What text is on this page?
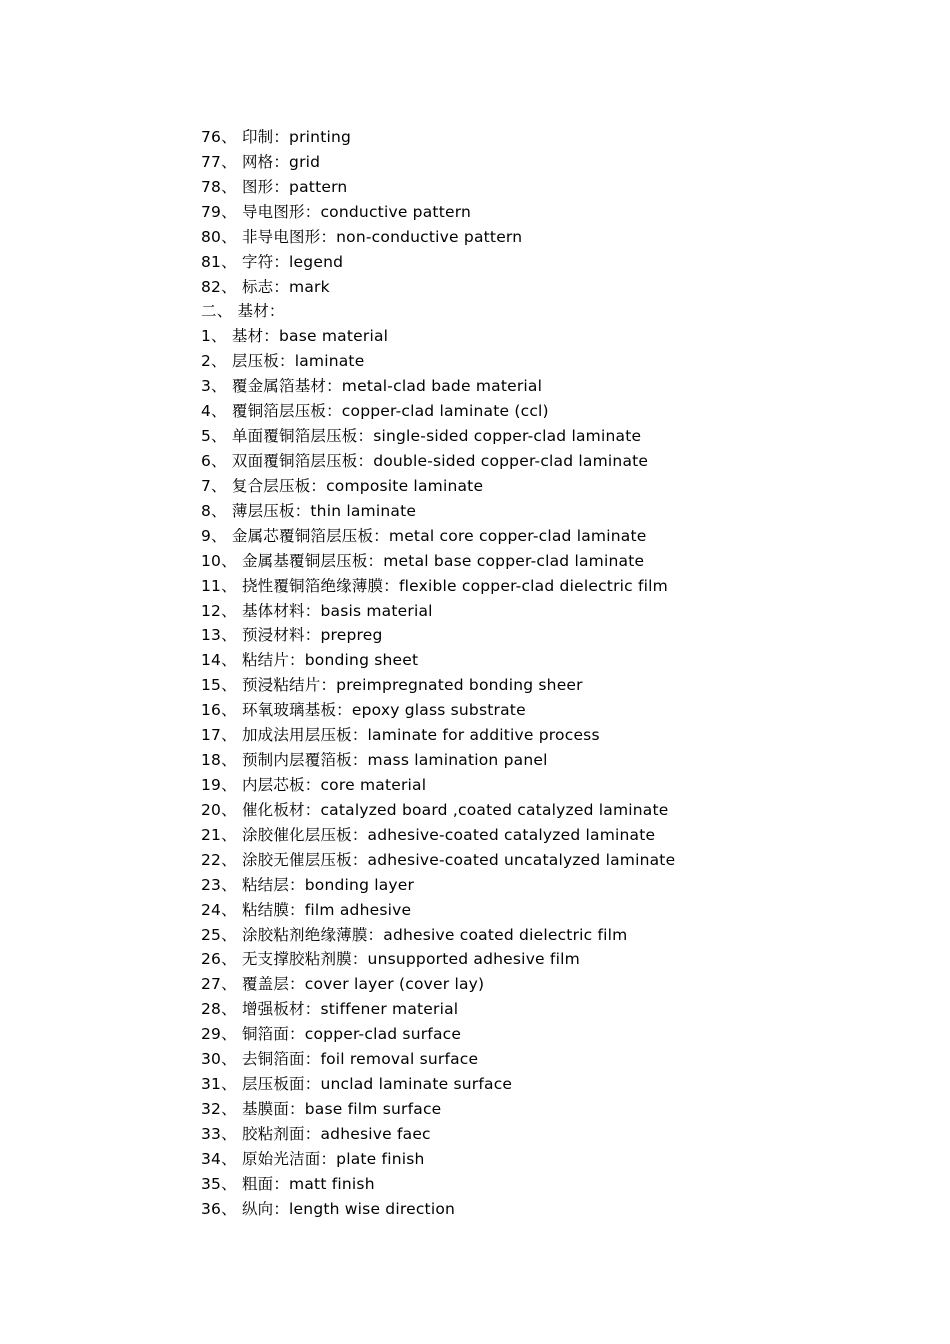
76、 印制：printing
77、 网格：grid
78、 图形：pattern
79、 导电图形：conductive pattern
80、 非导电图形：non-conductive pattern
81、 字符：legend
82、 标志：mark
二、 基材：
1、 基材：base material
2、 层压板：laminate
3、 覆金属箔基材：metal-clad bade material
4、 覆铜箔层压板：copper-clad laminate (ccl)
5、 单面覆铜箔层压板：single-sided copper-clad laminate
6、 双面覆铜箔层压板：double-sided copper-clad laminate
7、 复合层压板：composite laminate
8、 薄层压板：thin laminate
9、 金属芯覆铜箔层压板：metal core copper-clad laminate
10、 金属基覆铜层压板：metal base copper-clad laminate
11、 挠性覆铜箔绝缘薄膜：flexible copper-clad dielectric film
12、 基体材料：basis material
13、 预浸材料：prepreg
14、 粘结片：bonding sheet
15、 预浸粘结片：preimpregnated bonding sheer
16、 环氧玻璃基板：epoxy glass substrate
17、 加成法用层压板：laminate for additive process
18、 预制内层覆箔板：mass lamination panel
19、 内层芯板：core material
20、 催化板材：catalyzed board ,coated catalyzed laminate
21、 涂胶催化层压板：adhesive-coated catalyzed laminate
22、 涂胶无催层压板：adhesive-coated uncatalyzed laminate
23、 粘结层：bonding layer
24、 粘结膜：film adhesive
25、 涂胶粘剂绝缘薄膜：adhesive coated dielectric film
26、 无支撑胶粘剂膜：unsupported adhesive film
27、 覆盖层：cover layer (cover lay)
28、 增强板材：stiffener material
29、 铜箔面：copper-clad surface
30、 去铜箔面：foil removal surface
31、 层压板面：unclad laminate surface
32、 基膜面：base film surface
33、 胶粘剂面：adhesive faec
34、 原始光洁面：plate finish
35、 粗面：matt finish
36、 纵向：length wise direction
